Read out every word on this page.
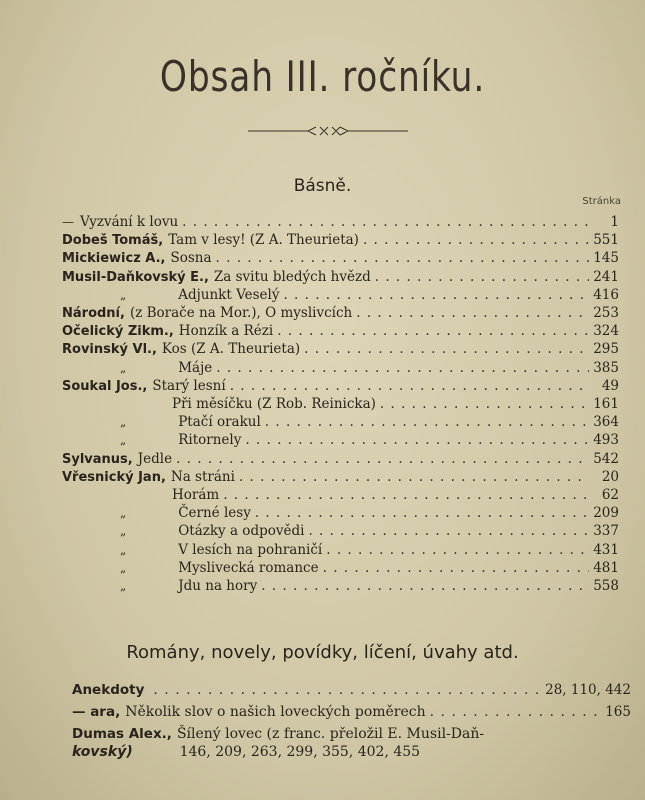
Obsah III. ročníku.
Básně.
Stránka
— Vyzvání k lovu . . .	1
Dobeš Tomáš, Tam v lesy! (Z A. Theurieta) . . .	551
Mickiewicz A., Sosna . . .	145
Musil-Daňkovský E., Za svitu bledých hvězd . . .	241
„	Adjunkt Veselý . . .	416
Národní, (z Borače na Mor.), O myslivcích . . .	253
Očelický Zikm., Honzík a Rézi . . .	324
Rovinský Vl., Kos (Z A. Theurieta) . . .	295
„	Máje . . .	385
Soukal Jos., Starý lesní . . .	49
Při měsíčku (Z Rob. Reinicka) . . .	161
„	Ptačí orakul . . .	364
„	Ritornely . . .	493
Sylvanus, Jedle . . .	542
Vřesnický Jan, Na stráni . . .	20
Horám . . .	62
„	Černé lesy . . .	209
„	Otázky a odpovědi . . .	337
„	V lesích na pohraničí . . .	431
„	Myslivecká romance . . .	481
„	Jdu na hory . . .	558
Romány, novely, povídky, líčení, úvahy atd.
Anekdoty . . .	28, 110, 442
— ara, Několik slov o našich loveckých poměrech . . .	165
Dumas Alex., Šílený lovec (z franc. přeložil E. Musil-Daň-
kovský)	146, 209, 263, 299, 355, 402, 455
